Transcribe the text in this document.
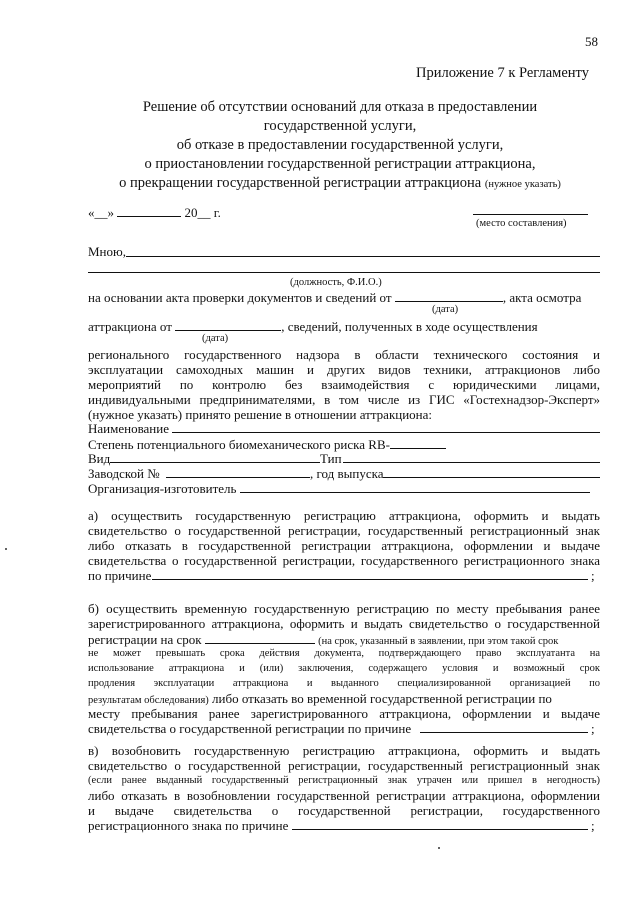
58
Приложение 7 к Регламенту
Решение об отсутствии оснований для отказа в предоставлении
государственной услуги,
об отказе в предоставлении государственной услуги,
о приостановлении государственной регистрации аттракциона,
о прекращении государственной регистрации аттракциона (нужное указать)
«__»	20__ г.
(место составления)
Мною,
(должность, Ф.И.О.)
на основании акта проверки документов и сведений от	, акта осмотра
(дата)
аттракциона от	, сведений, полученных в ходе осуществления
(дата)
регионального государственного надзора в области технического состояния и
эксплуатации самоходных машин и других видов техники, аттракционов либо
мероприятий по контролю без взаимодействия с юридическими лицами,
индивидуальными предпринимателями, в том числе из ГИС «Гостехнадзор-Эксперт»
(нужное указать) принято решение в отношении аттракциона:
Наименование
Степень потенциального биомеханического риска RB-
Вид	Тип
Заводской №	, год выпуска
Организация-изготовитель
а) осуществить государственную регистрацию аттракциона, оформить и выдать
свидетельство о государственной регистрации, государственный регистрационный знак
либо отказать в государственной регистрации аттракциона, оформлении и выдаче
свидетельства о государственной регистрации, государственного регистрационного знака
по причине	;
б) осуществить временную государственную регистрацию по месту пребывания ранее
зарегистрированного аттракциона, оформить и выдать свидетельство о государственной
регистрации на срок	(на срок, указанный в заявлении, при этом такой срок
не может превышать срока действия документа, подтверждающего право эксплуатанта на
использование аттракциона и (или) заключения, содержащего условия и возможный срок
продления эксплуатации аттракциона и выданного специализированной организацией по
результатам обследования) либо отказать во временной государственной регистрации по
месту пребывания ранее зарегистрированного аттракциона, оформлении и выдаче
свидетельства о государственной регистрации по причине	;
в) возобновить государственную регистрацию аттракциона, оформить и выдать
свидетельство о государственной регистрации, государственный регистрационный знак
(если ранее выданный государственный регистрационный знак утрачен или пришел в негодность)
либо отказать в возобновлении государственной регистрации аттракциона, оформлении
и выдаче свидетельства о государственной регистрации, государственного
регистрационного знака по причине	;
